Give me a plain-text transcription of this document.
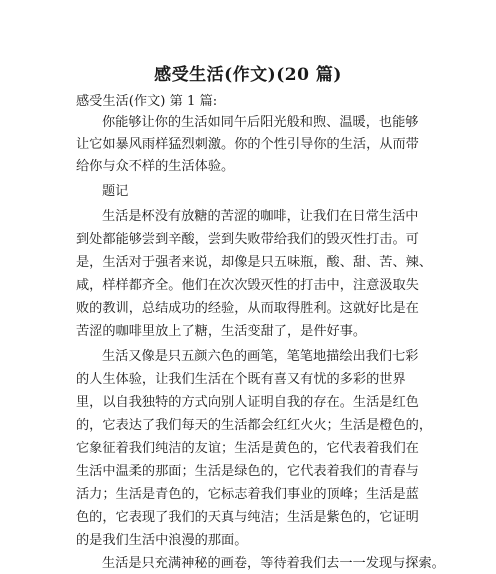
感受生活(作文)(20 篇)
感受生活(作文) 第 1 篇:
你能够让你的生活如同午后阳光般和煦、温暖，也能够
让它如暴风雨样猛烈刺激。你的个性引导你的生活，从而带
给你与众不样的生活体验。
题记
生活是杯没有放糖的苦涩的咖啡，让我们在日常生活中
到处都能够尝到辛酸，尝到失败带给我们的毁灭性打击。可
是，生活对于强者来说，却像是只五味瓶，酸、甜、苦、辣、
咸，样样都齐全。他们在次次毁灭性的打击中，注意汲取失
败的教训，总结成功的经验，从而取得胜利。这就好比是在
苦涩的咖啡里放上了糖，生活变甜了，是件好事。
生活又像是只五颜六色的画笔，笔笔地描绘出我们七彩
的人生体验，让我们生活在个既有喜又有忧的多彩的世界
里，以自我独特的方式向别人证明自我的存在。生活是红色
的，它表达了我们每天的生活都会红红火火；生活是橙色的，
它象征着我们纯洁的友谊；生活是黄色的，它代表着我们在
生活中温柔的那面；生活是绿色的，它代表着我们的青春与
活力；生活是青色的，它标志着我们事业的顶峰；生活是蓝
色的，它表现了我们的天真与纯洁；生活是紫色的，它证明
的是我们生活中浪漫的那面。
生活是只充满神秘的画卷，等待着我们去一一发现与探索。
